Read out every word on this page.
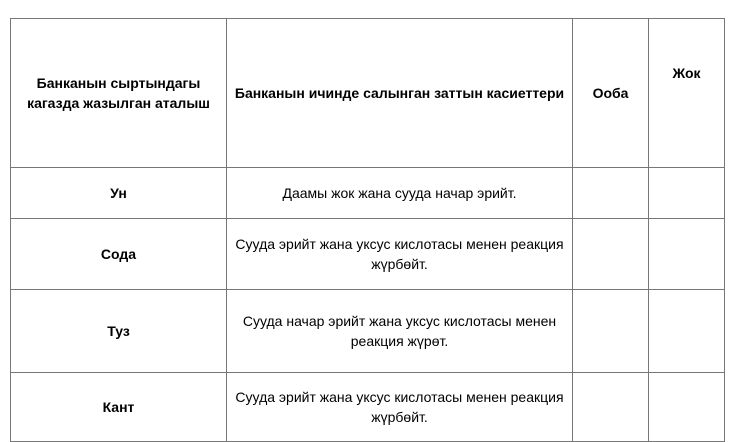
Банканын сыртындагы кагазда жазылган аталыш	Банканын ичинде салынган заттын касиеттери	Ооба	Жок
Ун	Даамы жок жана сууда начар эрийт.		
Сода	Сууда эрийт жана уксус кислотасы менен реакция жүрбөйт.		
Туз	Сууда начар эрийт жана уксус кислотасы менен реакция жүрөт.		
Кант	Сууда эрийт жана уксус кислотасы менен реакция жүрбөйт.		
